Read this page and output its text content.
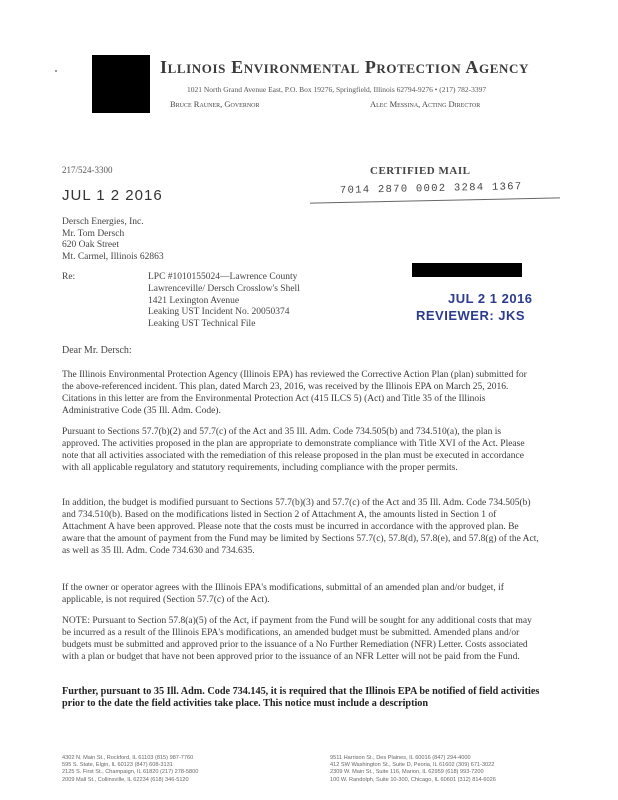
Illinois Environmental Protection Agency
1021 North Grand Avenue East, P.O. Box 19276, Springfield, Illinois 62794-9276 • (217) 782-3397
Bruce Rauner, Governor	Alec Messina, Acting Director
217/524-3300	CERTIFIED MAIL
JUL 1 2 2016	7014 2870 0002 3284 1367
Dersch Energies, Inc.
Mr. Tom Dersch
620 Oak Street
Mt. Carmel, Illinois 62863
Re:	LPC #1010155024—Lawrence County
Lawrenceville/ Dersch Crosslow's Shell
1421 Lexington Avenue
Leaking UST Incident No. 20050374
Leaking UST Technical File
JUL 2 1 2016
REVIEWER: JKS
Dear Mr. Dersch:
The Illinois Environmental Protection Agency (Illinois EPA) has reviewed the Corrective Action Plan (plan) submitted for the above-referenced incident. This plan, dated March 23, 2016, was received by the Illinois EPA on March 25, 2016. Citations in this letter are from the Environmental Protection Act (415 ILCS 5) (Act) and Title 35 of the Illinois Administrative Code (35 Ill. Adm. Code).
Pursuant to Sections 57.7(b)(2) and 57.7(c) of the Act and 35 Ill. Adm. Code 734.505(b) and 734.510(a), the plan is approved. The activities proposed in the plan are appropriate to demonstrate compliance with Title XVI of the Act. Please note that all activities associated with the remediation of this release proposed in the plan must be executed in accordance with all applicable regulatory and statutory requirements, including compliance with the proper permits.
In addition, the budget is modified pursuant to Sections 57.7(b)(3) and 57.7(c) of the Act and 35 Ill. Adm. Code 734.505(b) and 734.510(b). Based on the modifications listed in Section 2 of Attachment A, the amounts listed in Section 1 of Attachment A have been approved. Please note that the costs must be incurred in accordance with the approved plan. Be aware that the amount of payment from the Fund may be limited by Sections 57.7(c), 57.8(d), 57.8(e), and 57.8(g) of the Act, as well as 35 Ill. Adm. Code 734.630 and 734.635.
If the owner or operator agrees with the Illinois EPA's modifications, submittal of an amended plan and/or budget, if applicable, is not required (Section 57.7(c) of the Act).
NOTE: Pursuant to Section 57.8(a)(5) of the Act, if payment from the Fund will be sought for any additional costs that may be incurred as a result of the Illinois EPA's modifications, an amended budget must be submitted. Amended plans and/or budgets must be submitted and approved prior to the issuance of a No Further Remediation (NFR) Letter. Costs associated with a plan or budget that have not been approved prior to the issuance of an NFR Letter will not be paid from the Fund.
Further, pursuant to 35 Ill. Adm. Code 734.145, it is required that the Illinois EPA be notified of field activities prior to the date the field activities take place. This notice must include a description
4302 N. Main St., Rockford, IL 61103 (815) 987-7760
595 S. State, Elgin, IL 60123 (847) 608-3131
2125 S. First St., Champaign, IL 61820 (217) 278-5800
2009 Mall St., Collinsville, IL 62234 (618) 346-5120
9511 Harrison St., Des Plaines, IL 60016 (847) 294-4000
412 SW Washington St., Suite D, Peoria, IL 61602 (309) 671-3022
2309 W. Main St., Suite 116, Marion, IL 62959 (618) 993-7200
100 W. Randolph, Suite 10-300, Chicago, IL 60601 (312) 814-6026
